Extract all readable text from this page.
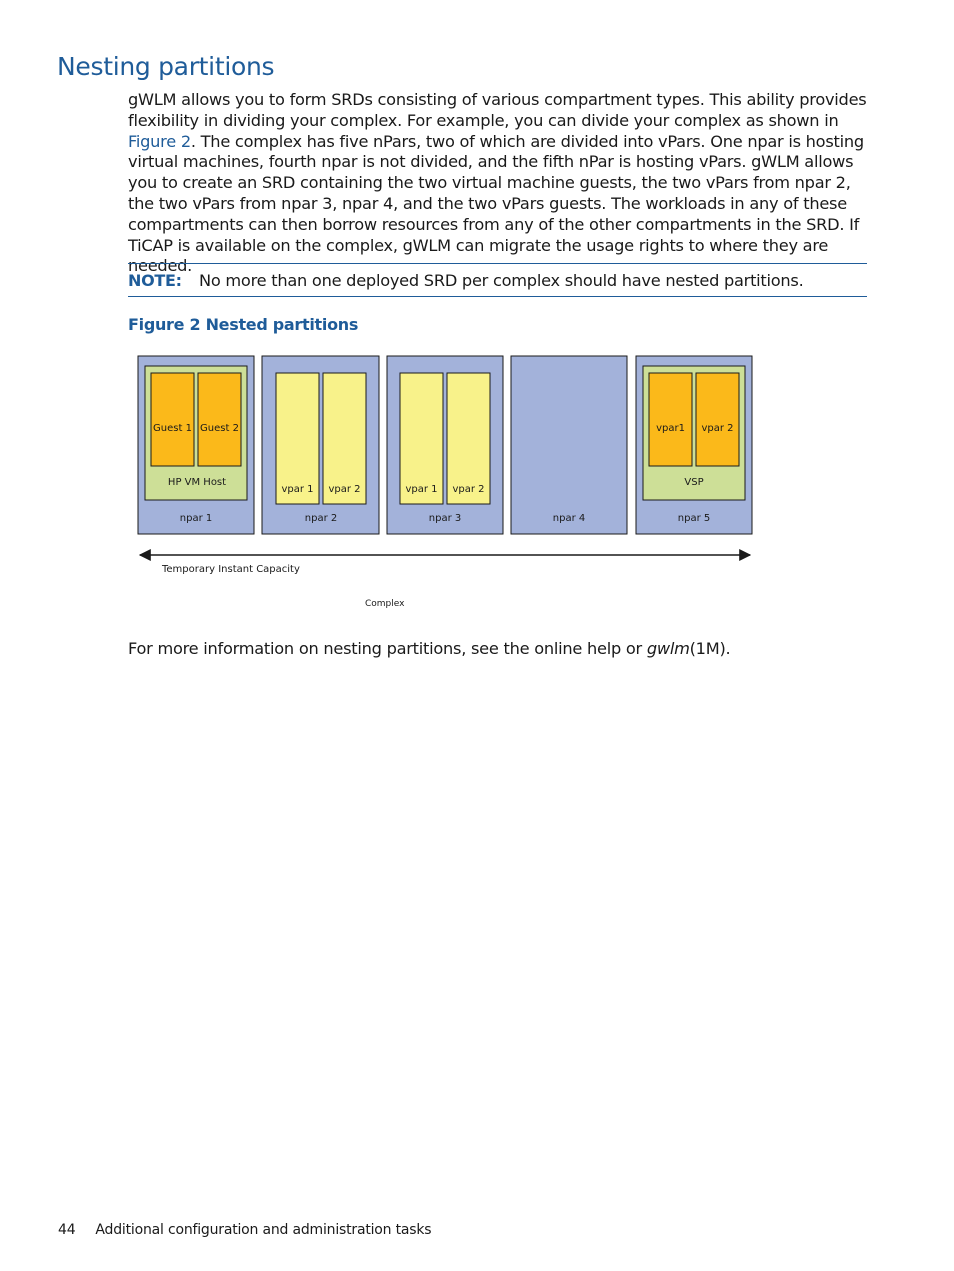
Nesting partitions

gWLM allows you to form SRDs consisting of various compartment types. This ability provides flexibility in dividing your complex. For example, you can divide your complex as shown in Figure 2. The complex has five nPars, two of which are divided into vPars. One npar is hosting virtual machines, fourth npar is not divided, and the fifth nPar is hosting vPars. gWLM allows you to create an SRD containing the two virtual machine guests, the two vPars from npar 2, the two vPars from npar 3, npar 4, and the two vPars guests. The workloads in any of these compartments can then borrow resources from any of the other compartments in the SRD. If TiCAP is available on the complex, gWLM can migrate the usage rights to where they are needed.

NOTE: No more than one deployed SRD per complex should have nested partitions.

Figure 2 Nested partitions

Guest 1 Guest 2
HP VM Host
npar 1
vpar 1 vpar 2
npar 2
vpar 1 vpar 2
npar 3	npar 4
vpar1 vpar 2
VSP
npar 5
Temporary Instant Capacity
Complex

For more information on nesting partitions, see the online help or gwlm(1M).

44 Additional configuration and administration tasks
